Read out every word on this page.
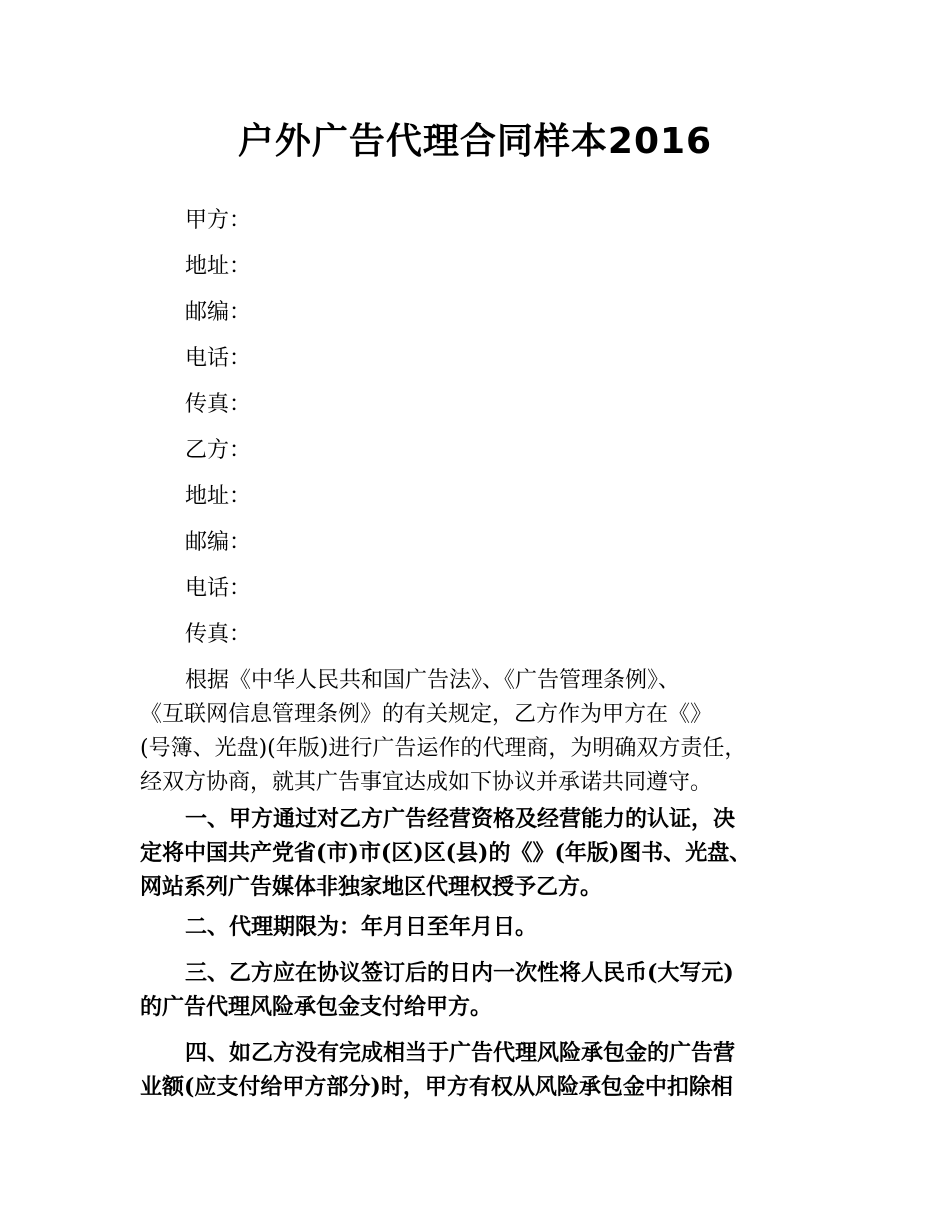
户外广告代理合同样本2016
甲方：
地址：
邮编：
电话：
传真：
乙方：
地址：
邮编：
电话：
传真：

根据《中华人民共和国广告法》、《广告管理条例》、
《互联网信息管理条例》的有关规定，乙方作为甲方在《》
(号簿、光盘)(年版)进行广告运作的代理商，为明确双方责任，
经双方协商，就其广告事宜达成如下协议并承诺共同遵守。

一、甲方通过对乙方广告经营资格及经营能力的认证，决
定将中国共产党省(市)市(区)区(县)的《》(年版)图书、光盘、
网站系列广告媒体非独家地区代理权授予乙方。

二、代理期限为：年月日至年月日。

三、乙方应在协议签订后的日内一次性将人民币(大写元)
的广告代理风险承包金支付给甲方。

四、如乙方没有完成相当于广告代理风险承包金的广告营
业额(应支付给甲方部分)时，甲方有权从风险承包金中扣除相
